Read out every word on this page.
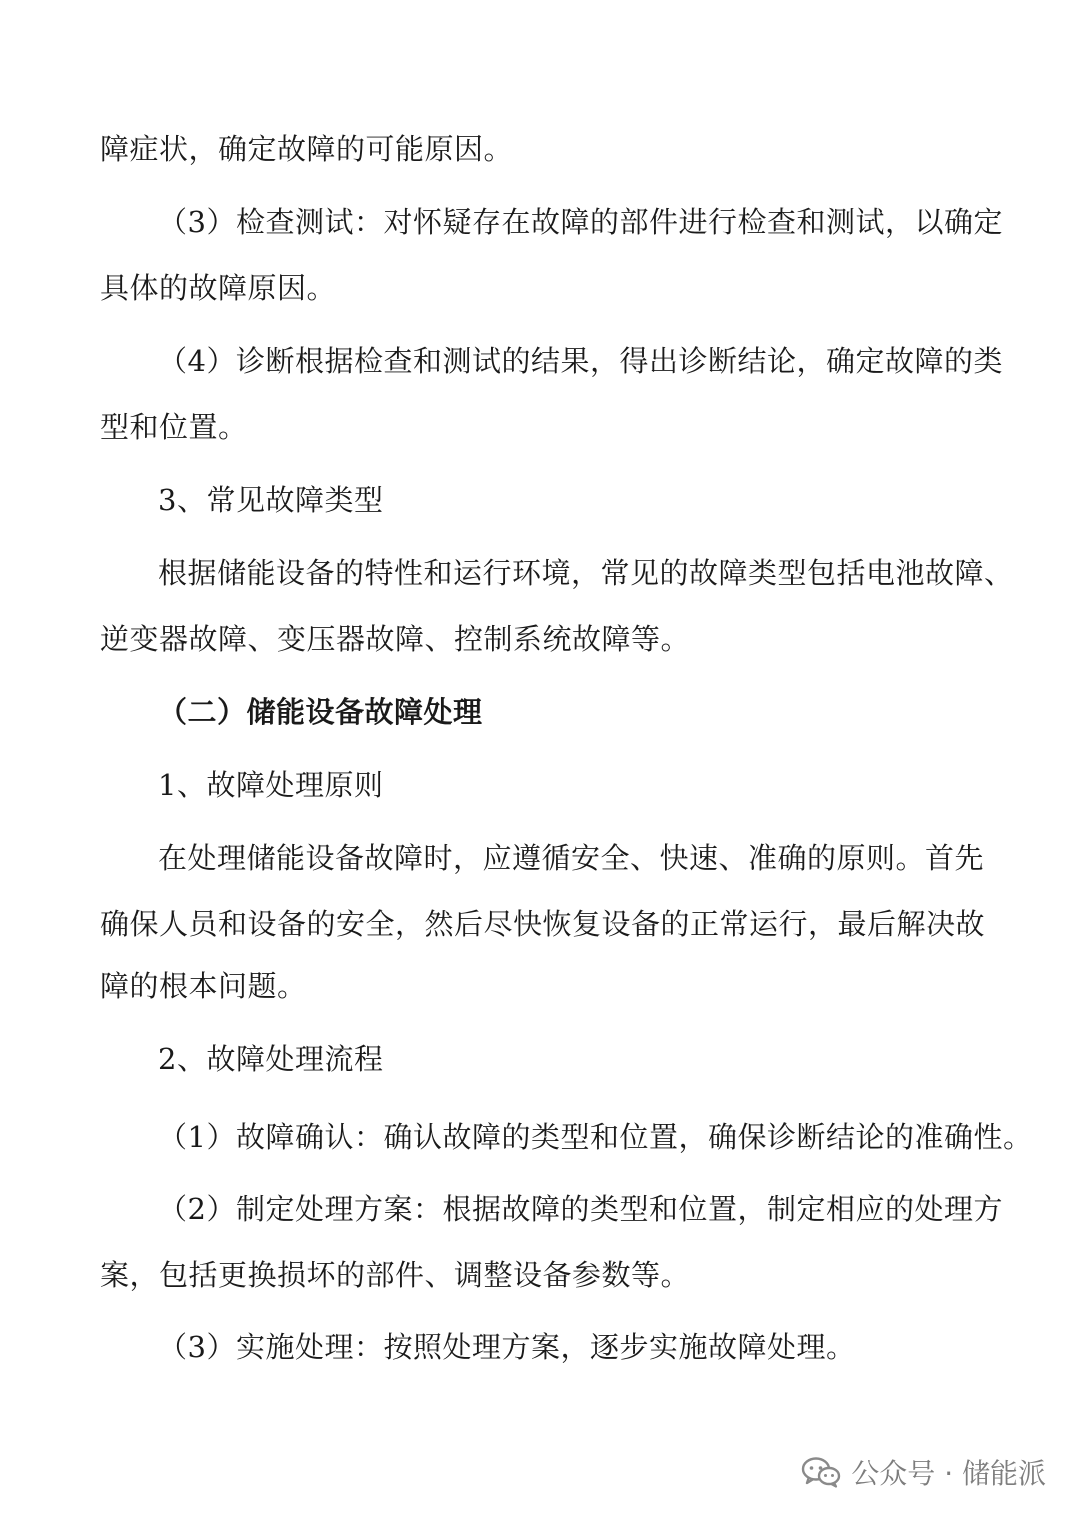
障症状，确定故障的可能原因。
（3）检查测试：对怀疑存在故障的部件进行检查和测试，以确定
具体的故障原因。
（4）诊断根据检查和测试的结果，得出诊断结论，确定故障的类
型和位置。
3、常见故障类型
根据储能设备的特性和运行环境，常见的故障类型包括电池故障、
逆变器故障、变压器故障、控制系统故障等。
（二）储能设备故障处理
1、故障处理原则
在处理储能设备故障时，应遵循安全、快速、准确的原则。首先
确保人员和设备的安全，然后尽快恢复设备的正常运行，最后解决故
障的根本问题。
2、故障处理流程
（1）故障确认：确认故障的类型和位置，确保诊断结论的准确性。
（2）制定处理方案：根据故障的类型和位置，制定相应的处理方
案，包括更换损坏的部件、调整设备参数等。
（3）实施处理：按照处理方案，逐步实施故障处理。
公众号 · 储能派
